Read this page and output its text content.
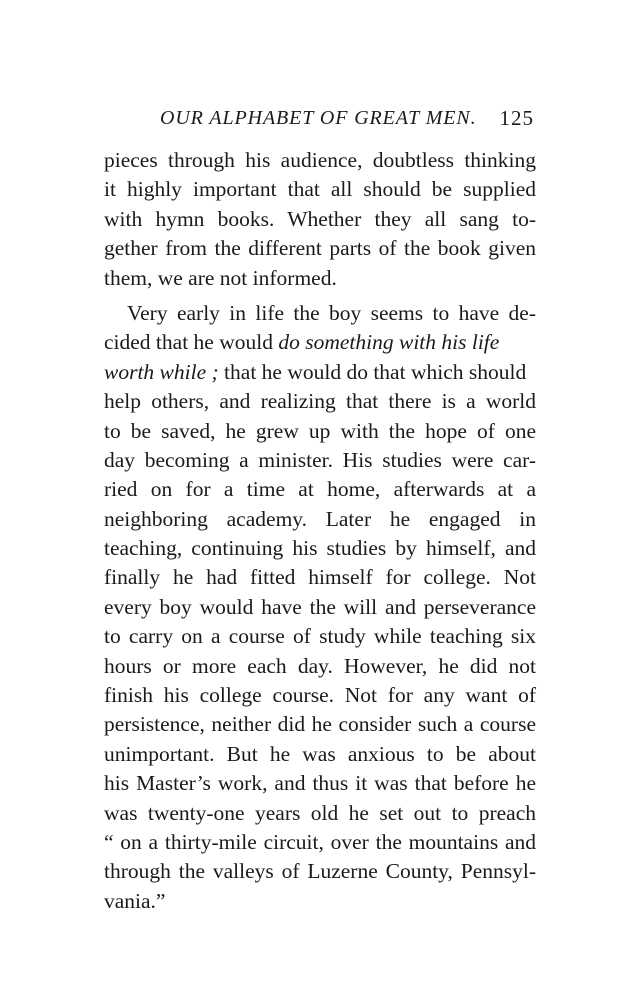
OUR ALPHABET OF GREAT MEN. 125
pieces through his audience, doubtless thinking
it highly important that all should be supplied
with hymn books. Whether they all sang to-
gether from the different parts of the book given
them, we are not informed.
Very early in life the boy seems to have de-
cided that he would do something with his life
worth while ; that he would do that which should
help others, and realizing that there is a world
to be saved, he grew up with the hope of one
day becoming a minister. His studies were car-
ried on for a time at home, afterwards at a
neighboring academy. Later he engaged in
teaching, continuing his studies by himself, and
finally he had fitted himself for college. Not
every boy would have the will and perseverance
to carry on a course of study while teaching six
hours or more each day. However, he did not
finish his college course. Not for any want of
persistence, neither did he consider such a course
unimportant. But he was anxious to be about
his Master’s work, and thus it was that before he
was twenty-one years old he set out to preach
“ on a thirty-mile circuit, over the mountains and
through the valleys of Luzerne County, Pennsyl-
vania.”
